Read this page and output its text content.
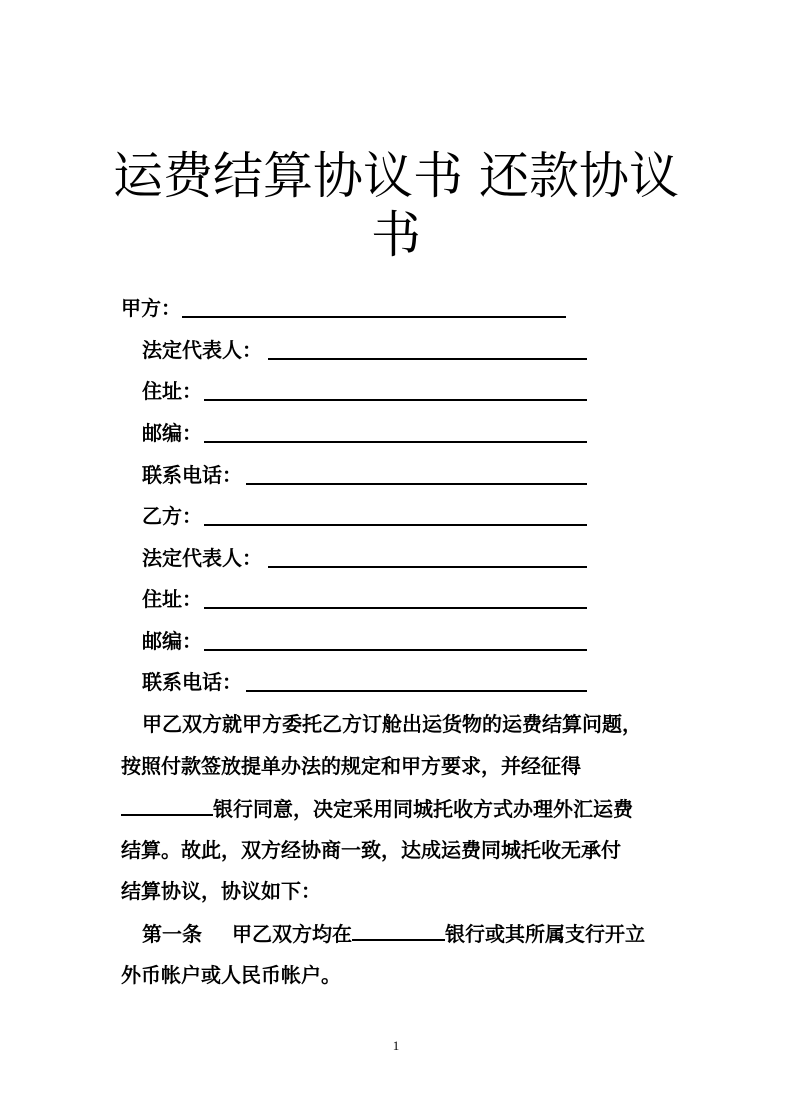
运费结算协议书 还款协议
书
甲方：
法定代表人：
住址：
邮编：
联系电话：
乙方：
法定代表人：
住址：
邮编：
联系电话：
甲乙双方就甲方委托乙方订舱出运货物的运费结算问题，
按照付款签放提单办法的规定和甲方要求，并经征得
银行同意，决定采用同城托收方式办理外汇运费
结算。故此，双方经协商一致，达成运费同城托收无承付
结算协议，协议如下：
第一条 甲乙双方均在	银行或其所属支行开立
外币帐户或人民币帐户。
1
